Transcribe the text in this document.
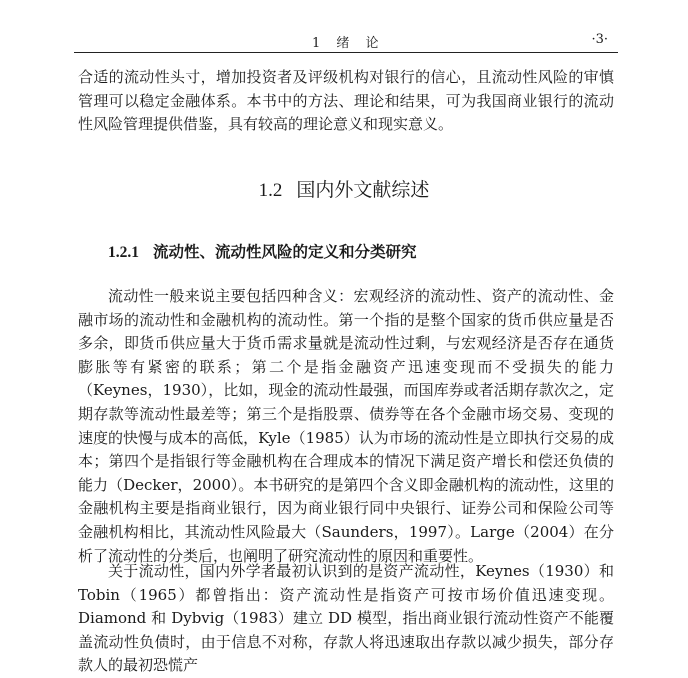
1 绪 论	·3·

合适的流动性头寸，增加投资者及评级机构对银行的信心，且流动性风险的审慎管理可以稳定金融体系。本书中的方法、理论和结果，可为我国商业银行的流动性风险管理提供借鉴，具有较高的理论意义和现实意义。

1.2 国内外文献综述
1.2.1 流动性、流动性风险的定义和分类研究

流动性一般来说主要包括四种含义：宏观经济的流动性、资产的流动性、金融市场的流动性和金融机构的流动性。第一个指的是整个国家的货币供应量是否多余，即货币供应量大于货币需求量就是流动性过剩，与宏观经济是否存在通货膨胀等有紧密的联系；第二个是指金融资产迅速变现而不受损失的能力（Keynes，1930），比如，现金的流动性最强，而国库券或者活期存款次之，定期存款等流动性最差等；第三个是指股票、债券等在各个金融市场交易、变现的速度的快慢与成本的高低，Kyle（1985）认为市场的流动性是立即执行交易的成本；第四个是指银行等金融机构在合理成本的情况下满足资产增长和偿还负债的能力（Decker，2000）。本书研究的是第四个含义即金融机构的流动性，这里的金融机构主要是指商业银行，因为商业银行同中央银行、证券公司和保险公司等金融机构相比，其流动性风险最大（Saunders，1997）。Large（2004）在分析了流动性的分类后，也阐明了研究流动性的原因和重要性。

关于流动性，国内外学者最初认识到的是资产流动性，Keynes（1930）和 Tobin（1965）都曾指出：资产流动性是指资产可按市场价值迅速变现。Diamond 和 Dybvig（1983）建立 DD 模型，指出商业银行流动性资产不能覆盖流动性负债时，由于信息不对称，存款人将迅速取出存款以减少损失，部分存款人的最初恐慌产
